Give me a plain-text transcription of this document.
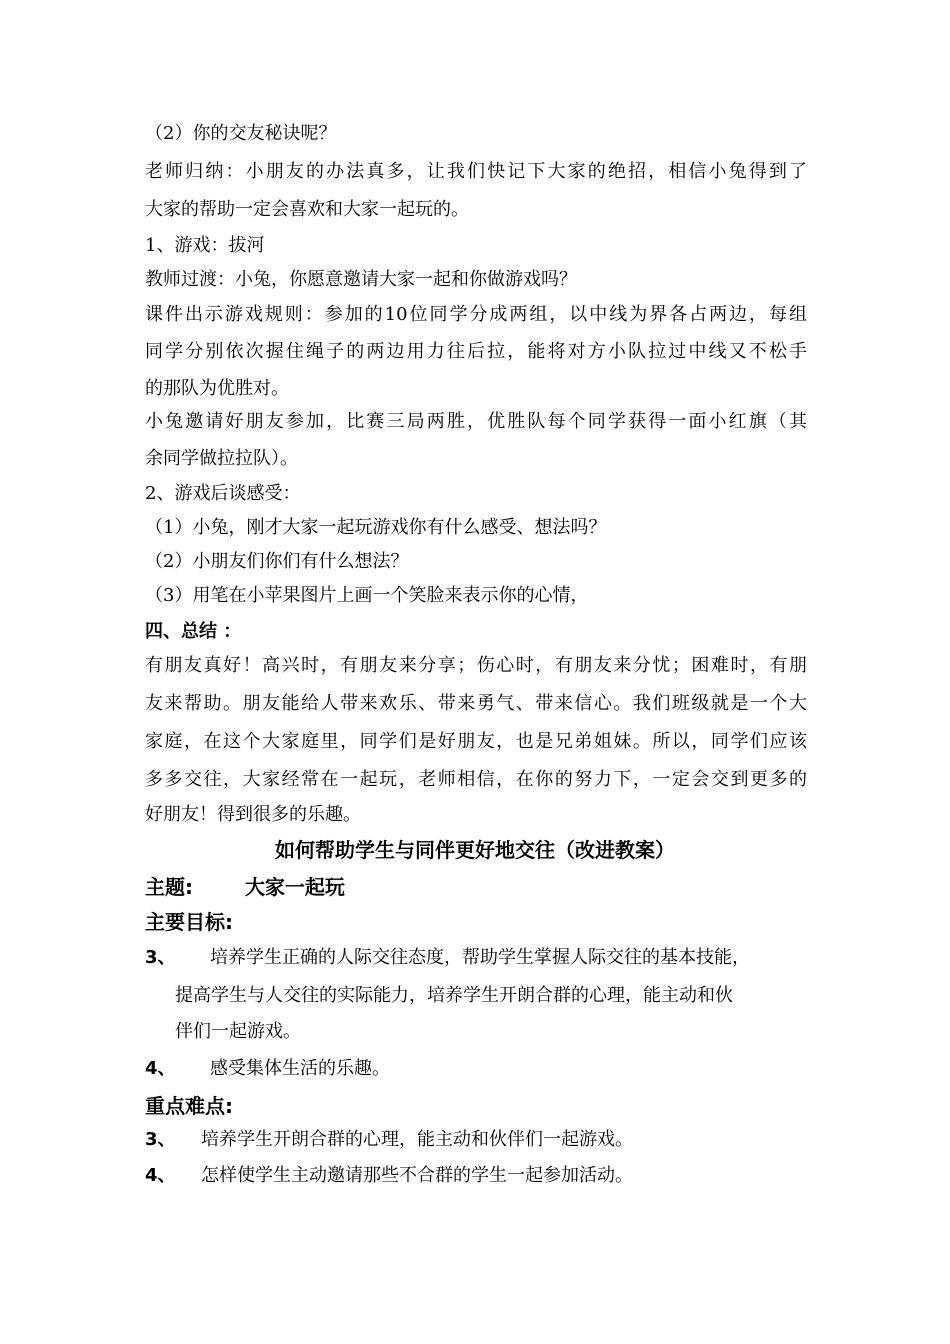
（2）你的交友秘诀呢？
老师归纳：小朋友的办法真多，让我们快记下大家的绝招，相信小兔得到了
大家的帮助一定会喜欢和大家一起玩的。
1、游戏：拔河
教师过渡：小兔，你愿意邀请大家一起和你做游戏吗？
课件出示游戏规则：参加的10位同学分成两组，以中线为界各占两边，每组
同学分别依次握住绳子的两边用力往后拉，能将对方小队拉过中线又不松手
的那队为优胜对。
小兔邀请好朋友参加，比赛三局两胜，优胜队每个同学获得一面小红旗（其
余同学做拉拉队）。
2、游戏后谈感受：
（1）小兔，刚才大家一起玩游戏你有什么感受、想法吗？
（2）小朋友们你们有什么想法？
（3）用笔在小苹果图片上画一个笑脸来表示你的心情，
四、总结 ：
有朋友真好！高兴时，有朋友来分享；伤心时，有朋友来分忧；困难时，有朋
友来帮助。朋友能给人带来欢乐、带来勇气、带来信心。我们班级就是一个大
家庭，在这个大家庭里，同学们是好朋友，也是兄弟姐妹。所以，同学们应该
多多交往，大家经常在一起玩，老师相信，在你的努力下，一定会交到更多的
好朋友！得到很多的乐趣。
如何帮助学生与同伴更好地交往（改进教案）
主题:	大家一起玩
主要目标:
3、 培养学生正确的人际交往态度，帮助学生掌握人际交往的基本技能，
提高学生与人交往的实际能力，培养学生开朗合群的心理，能主动和伙
伴们一起游戏。
4、 感受集体生活的乐趣。
重点难点:
3、 培养学生开朗合群的心理，能主动和伙伴们一起游戏。
4、 怎样使学生主动邀请那些不合群的学生一起参加活动。
